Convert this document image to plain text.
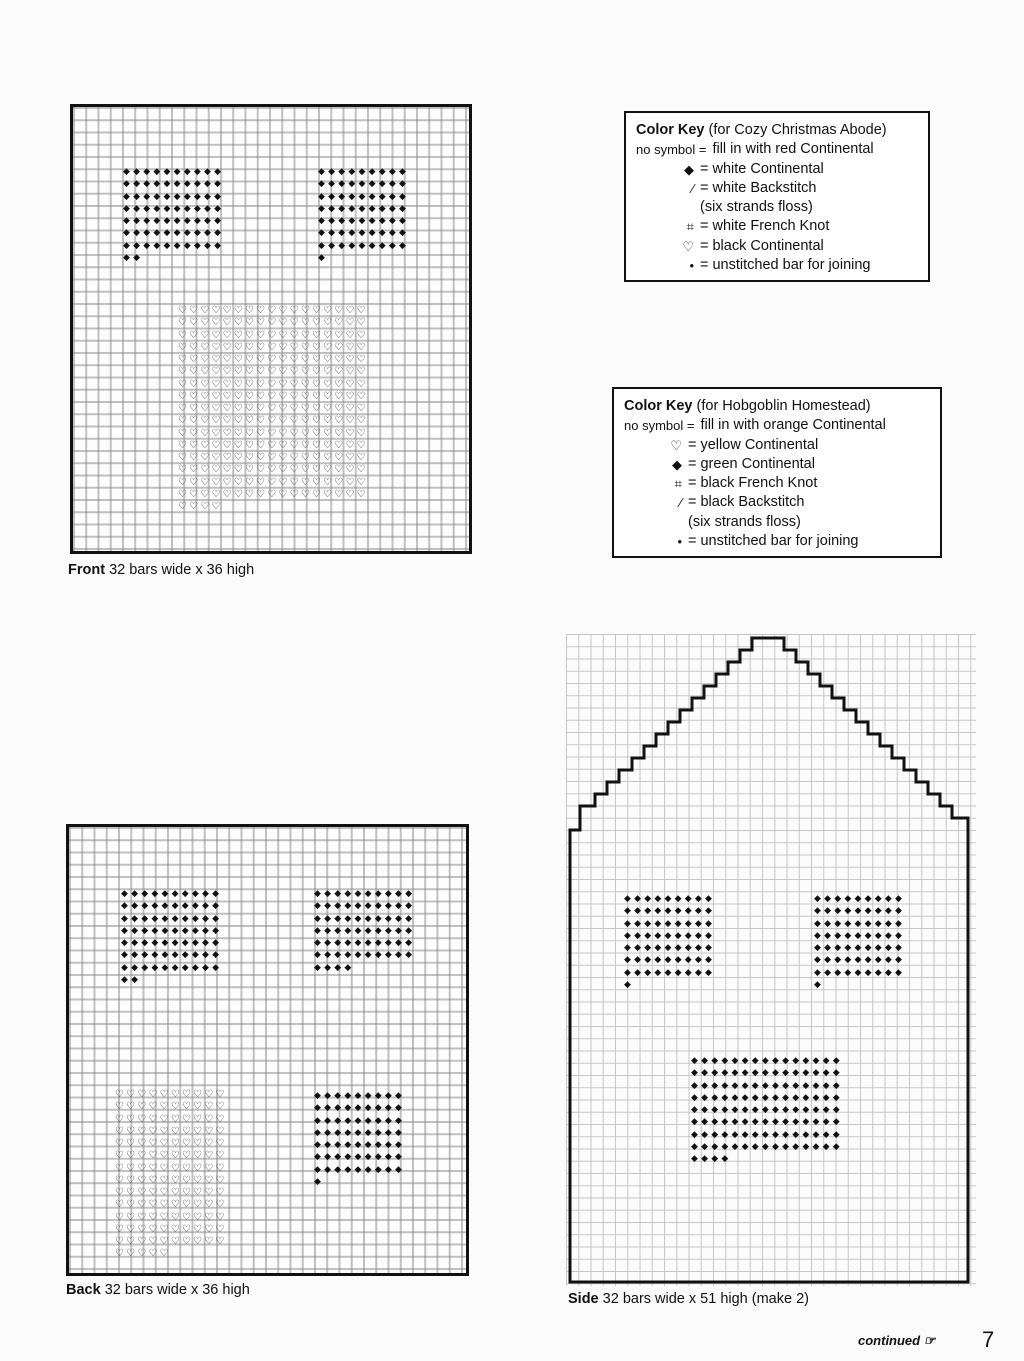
◆◆◆◆◆◆◆◆◆◆◆◆◆◆◆◆◆◆◆◆◆◆◆◆◆◆◆◆◆◆◆◆◆◆◆◆◆◆◆◆◆◆◆◆◆◆◆◆◆◆◆◆◆◆◆◆◆◆◆◆◆◆◆◆◆◆◆◆◆◆◆◆
◆◆◆◆◆◆◆◆◆◆◆◆◆◆◆◆◆◆◆◆◆◆◆◆◆◆◆◆◆◆◆◆◆◆◆◆◆◆◆◆◆◆◆◆◆◆◆◆◆◆◆◆◆◆◆◆◆◆◆◆◆◆◆◆
♡♡♡♡♡♡♡♡♡♡♡♡♡♡♡♡♡♡♡♡♡♡♡♡♡♡♡♡♡♡♡♡♡♡♡♡♡♡♡♡♡♡♡♡♡♡♡♡♡♡♡♡♡♡♡♡♡♡♡♡♡♡♡♡♡♡♡♡♡♡♡♡♡♡♡♡♡♡♡♡♡♡♡♡♡♡♡♡♡♡♡♡♡♡♡♡♡♡♡♡♡♡♡♡♡♡♡♡♡♡♡♡♡♡♡♡♡♡♡♡♡♡♡♡♡♡♡♡♡♡♡♡♡♡♡♡♡♡♡♡♡♡♡♡♡♡♡♡♡♡♡♡♡♡♡♡♡♡♡♡♡♡♡♡♡♡♡♡♡♡♡♡♡♡♡♡♡♡♡♡♡♡♡♡♡♡♡♡♡♡♡♡♡♡♡♡♡♡♡♡♡♡♡♡♡♡♡♡♡♡♡♡♡♡♡♡♡♡♡♡♡♡♡♡♡♡♡♡♡♡♡♡♡♡♡♡♡♡♡♡♡♡♡♡♡♡♡♡♡♡♡♡♡♡♡♡♡♡♡♡♡♡♡♡♡♡♡♡♡♡♡♡♡♡♡♡
Front 32 bars wide x 36 high
Color Key (for Cozy Christmas Abode)
no symbol = fill in with red Continental
◆ = white Continental
∕ = white Backstitch
(six strands floss)
⌗ = white French Knot
♡ = black Continental
• = unstitched bar for joining
Color Key (for Hobgoblin Homestead)
no symbol = fill in with orange Continental
♡ = yellow Continental
◆ = green Continental
⌗ = black French Knot
∕ = black Backstitch
(six strands floss)
• = unstitched bar for joining
◆◆◆◆◆◆◆◆◆◆◆◆◆◆◆◆◆◆◆◆◆◆◆◆◆◆◆◆◆◆◆◆◆◆◆◆◆◆◆◆◆◆◆◆◆◆◆◆◆◆◆◆◆◆◆◆◆◆◆◆◆◆◆◆◆◆◆◆◆◆◆◆
◆◆◆◆◆◆◆◆◆◆◆◆◆◆◆◆◆◆◆◆◆◆◆◆◆◆◆◆◆◆◆◆◆◆◆◆◆◆◆◆◆◆◆◆◆◆◆◆◆◆◆◆◆◆◆◆◆◆◆◆◆◆◆◆
♡♡♡♡♡♡♡♡♡♡♡♡♡♡♡♡♡♡♡♡♡♡♡♡♡♡♡♡♡♡♡♡♡♡♡♡♡♡♡♡♡♡♡♡♡♡♡♡♡♡♡♡♡♡♡♡♡♡♡♡♡♡♡♡♡♡♡♡♡♡♡♡♡♡♡♡♡♡♡♡♡♡♡♡♡♡♡♡♡♡♡♡♡♡♡♡♡♡♡♡♡♡♡♡♡♡♡♡♡♡♡♡♡♡♡♡♡♡♡♡♡♡♡♡♡♡♡♡♡♡♡♡♡♡♡
◆◆◆◆◆◆◆◆◆◆◆◆◆◆◆◆◆◆◆◆◆◆◆◆◆◆◆◆◆◆◆◆◆◆◆◆◆◆◆◆◆◆◆◆◆◆◆◆◆◆◆◆◆◆◆◆◆◆◆◆◆◆◆◆
Back 32 bars wide x 36 high
◆◆◆◆◆◆◆◆◆◆◆◆◆◆◆◆◆◆◆◆◆◆◆◆◆◆◆◆◆◆◆◆◆◆◆◆◆◆◆◆◆◆◆◆◆◆◆◆◆◆◆◆◆◆◆◆◆◆◆◆◆◆◆◆
◆◆◆◆◆◆◆◆◆◆◆◆◆◆◆◆◆◆◆◆◆◆◆◆◆◆◆◆◆◆◆◆◆◆◆◆◆◆◆◆◆◆◆◆◆◆◆◆◆◆◆◆◆◆◆◆◆◆◆◆◆◆◆◆
◆◆◆◆◆◆◆◆◆◆◆◆◆◆◆◆◆◆◆◆◆◆◆◆◆◆◆◆◆◆◆◆◆◆◆◆◆◆◆◆◆◆◆◆◆◆◆◆◆◆◆◆◆◆◆◆◆◆◆◆◆◆◆◆◆◆◆◆◆◆◆◆◆◆◆◆◆◆◆◆◆◆◆◆◆◆◆◆◆◆◆◆◆◆◆◆◆◆◆◆◆◆◆◆◆◆◆◆◆◆◆◆◆◆◆◆◆◆◆◆◆◆◆◆
Side 32 bars wide x 51 high (make 2)
continued ☞ 7
